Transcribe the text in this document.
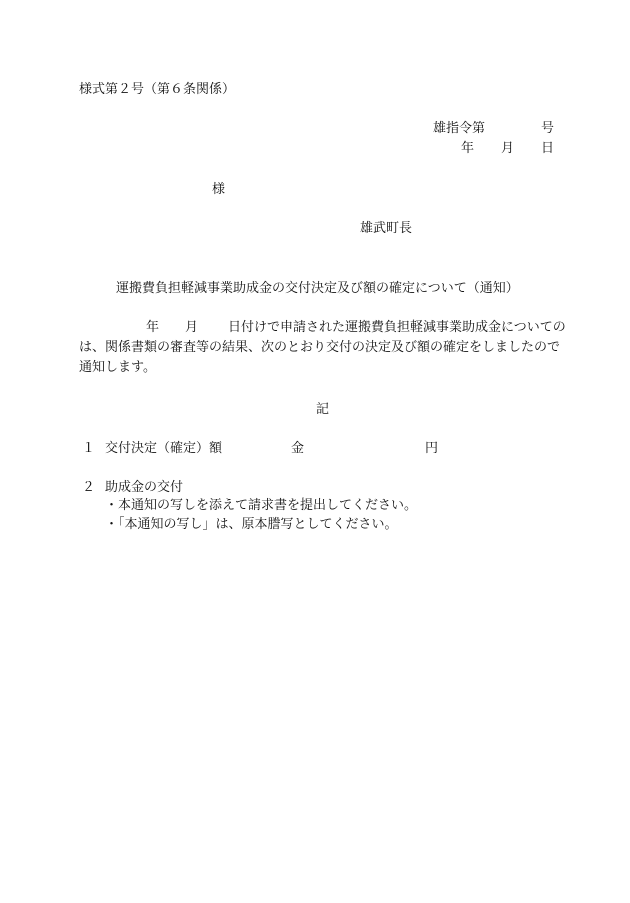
様式第２号（第６条関係）
雄指令第	号
年 月 日
様
雄武町長
運搬費負担軽減事業助成金の交付決定及び額の確定について（通知）
年 月 日付けで申請された運搬費負担軽減事業助成金についての
は、関係書類の審査等の結果、次のとおり交付の決定及び額の確定をしましたので
通知します。
記
１ 交付決定（確定）額	金	円
２ 助成金の交付
・本通知の写しを添えて請求書を提出してください。
・「本通知の写し」は、原本謄写としてください。
